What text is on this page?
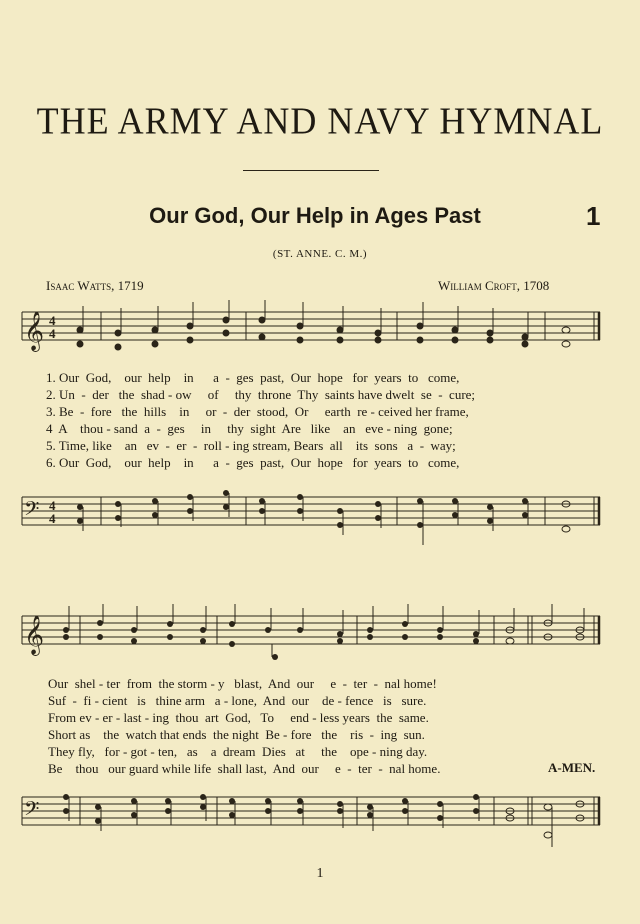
THE ARMY AND NAVY HYMNAL
Our God, Our Help in Ages Past	1
(ST. ANNE. C. M.)
Isaac Watts, 1719	William Croft, 1708
𝄞 4
4
1. Our  God,    our  help    in      a  -  ges  past,  Our  hope   for  years  to   come,
2. Un  -  der   the  shad - ow     of     thy  throne  Thy  saints have dwelt  se  -  cure;
3. Be  -  fore   the  hills    in     or  -  der  stood,  Or     earth  re - ceived her frame,
4  A    thou - sand  a  -  ges     in     thy  sight  Are   like    an   eve - ning  gone;
5. Time, like    an   ev  -  er  -  roll - ing stream, Bears  all    its  sons   a  -  way;
6. Our  God,    our  help    in      a  -  ges  past,  Our  hope   for  years  to   come,
𝄢 4
4
𝄞
Our  shel - ter  from  the storm - y   blast,  And  our     e  -  ter  -  nal home!
Suf  -  fi - cient   is   thine arm   a - lone,  And  our    de - fence   is   sure.
From ev - er - last - ing  thou  art  God,   To     end - less years  the  same.
Short as    the  watch that ends  the night  Be - fore   the    ris  -  ing  sun.
They fly,   for - got - ten,   as    a  dream  Dies   at     the    ope - ning day.
Be    thou   our guard while life  shall last,  And  our     e  -  ter  -  nal home.	A-MEN.
𝄢
1
